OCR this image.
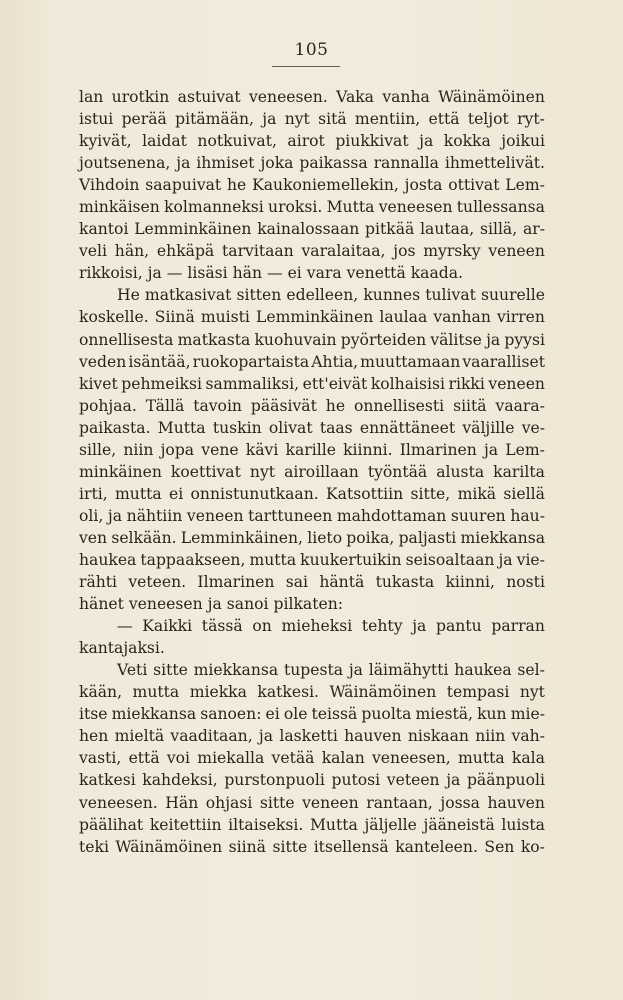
105
lan urotkin astuivat veneesen. Vaka vanha Wäinämöinen
istui perää pitämään, ja nyt sitä mentiin, että teljot ryt-
kyivät, laidat notkuivat, airot piukkivat ja kokka joikui
joutsenena, ja ihmiset joka paikassa rannalla ihmettelivät.
Vihdoin saapuivat he Kaukoniemellekin, josta ottivat Lem-
minkäisen kolmanneksi uroksi. Mutta veneesen tullessansa
kantoi Lemminkäinen kainalossaan pitkää lautaa, sillä, ar-
veli hän, ehkäpä tarvitaan varalaitaa, jos myrsky veneen
rikkoisi, ja — lisäsi hän — ei vara venettä kaada.
He matkasivat sitten edelleen, kunnes tulivat suurelle
koskelle. Siinä muisti Lemminkäinen laulaa vanhan virren
onnellisesta matkasta kuohuvain pyörteiden välitse ja pyysi
veden isäntää, ruokopartaista Ahtia, muuttamaan vaaralliset
kivet pehmeiksi sammaliksi, ett'eivät kolhaisisi rikki veneen
pohjaa. Tällä tavoin pääsivät he onnellisesti siitä vaara-
paikasta. Mutta tuskin olivat taas ennättäneet väljille ve-
sille, niin jopa vene kävi karille kiinni. Ilmarinen ja Lem-
minkäinen koettivat nyt airoillaan työntää alusta karilta
irti, mutta ei onnistunutkaan. Katsottiin sitte, mikä siellä
oli, ja nähtiin veneen tarttuneen mahdottaman suuren hau-
ven selkään. Lemminkäinen, lieto poika, paljasti miekkansa
haukea tappaakseen, mutta kuukertuikin seisoaltaan ja vie-
rähti veteen. Ilmarinen sai häntä tukasta kiinni, nosti
hänet veneesen ja sanoi pilkaten:
— Kaikki tässä on mieheksi tehty ja pantu parran
kantajaksi.
Veti sitte miekkansa tupesta ja läimähytti haukea sel-
kään, mutta miekka katkesi. Wäinämöinen tempasi nyt
itse miekkansa sanoen: ei ole teissä puolta miestä, kun mie-
hen mieltä vaaditaan, ja lasketti hauven niskaan niin vah-
vasti, että voi miekalla vetää kalan veneesen, mutta kala
katkesi kahdeksi, purstonpuoli putosi veteen ja päänpuoli
veneesen. Hän ohjasi sitte veneen rantaan, jossa hauven
päälihat keitettiin iltaiseksi. Mutta jäljelle jääneistä luista
teki Wäinämöinen siinä sitte itsellensä kanteleen. Sen ko-
